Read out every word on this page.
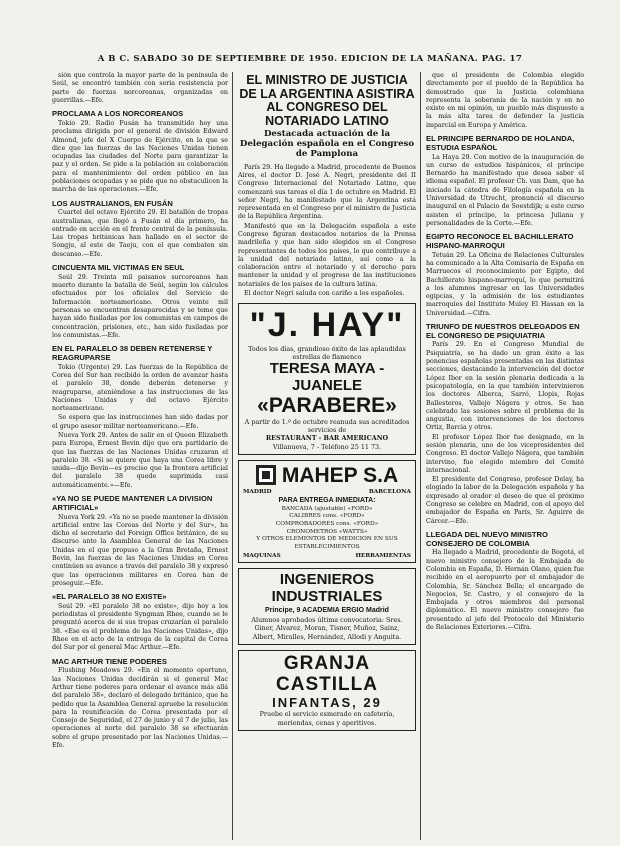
A B C. SABADO 30 DE SEPTIEMBRE DE 1950. EDICION DE LA MAÑANA. PAG. 17

sión que controla la mayor parte de la península de Seúl, se encontró también con seria resistencia por parte de fuerzas norcoreanas, organizadas en guerrillas.—Efe.

PROCLAMA A LOS NORCOREANOS

Tokio 29. Radio Fusán ha transmitido hoy una proclama dirigida por el general de división Edward Almond, jefe del X Cuerpo de Ejército, en la que se dice que las fuerzas de las Naciones Unidas tienen ocupadas las ciudades del Norte para garantizar la paz y el orden. Se pide a la población su colaboración para el mantenimiento del orden público en las poblaciones ocupadas y se pide que no obstaculicen la marcha de las operaciones.—Efe.

LOS AUSTRALIANOS, EN FUSÁN

Cuartel del octavo Ejército 29. El batallón de tropas australianas, que llegó a Fusán el día primero, ha entrado en acción en el frente central de la península. Las tropas británicas han hallado en el sector de Songju, al este de Taeju, con el que combaten sin descanso.—Efe.

CINCUENTA MIL VICTIMAS EN SEUL

Seúl 29. Treinta mil paisanos surcoreanos han muerto durante la batalla de Seúl, según los cálculos efectuados por los oficiales del Servicio de Información norteamericano. Otros veinte mil personas se encuentran desaparecidas y se teme que hayan sido fusiladas por los comunistas en campos de concentración, prisiones, etc., han sido fusiladas por los comunistas.—Efe.

EN EL PARALELO 38 DEBEN RETENERSE Y REAGRUPARSE

Tokio (Urgente) 29. Las fuerzas de la República de Corea del Sur han recibido la orden de avanzar hasta el paralelo 38, donde deberán detenerse y reagruparse, ateniéndose a las instrucciones de las Naciones Unidas y del octavo Ejército norteamericano.

Se espera que las instrucciones han sido dadas por el grupo asesor militar norteamericano.—Efe.

Nueva York 29. Antes de salir en el Queen Elizabeth para Europa, Ernest Bevin dijo que era partidario de que las fuerzas de las Naciones Unidas cruzaran el paralelo 38. «Si se quiere que haya una Corea libre y unida—dijo Bevin—es preciso que la frontera artificial del paralelo 38 quede suprimida casi automáticamente.»—Efe.

«YA NO SE PUEDE MANTENER LA DIVISION ARTIFICIAL»

Nueva York 29. «Ya no se puede mantener la división artificial entre las Coreas del Norte y del Sur», ha dicho el secretario del Foreign Office británico, de su discurso ante la Asamblea General de las Naciones Unidas en el que propuso a la Gran Bretaña, Ernest Bevin, las fuerzas de las Naciones Unidas en Corea continúen su avance a través del paralelo 38 y expresó que las operaciones militares en Corea han de proseguir.—Efe.

«EL PARALELO 38 NO EXISTE»

Seúl 29. «El paralelo 38 no existe», dijo hoy a los periodistas el presidente Syngman Rhee, cuando se le preguntó acerca de si sus tropas cruzarían el paralelo 38. «Ese es el problema de las Naciones Unidas», dijo Rhee en el acto de la entrega de la capital de Corea del Sur por el general Mac Arthur.—Efe.

MAC ARTHUR TIENE PODERES

Flushing Meadows 29. «En el momento oportuno, las Naciones Unidas decidirán si el general Mac Arthur tiene poderes para ordenar el avance más allá del paralelo 38», declaró el delegado británico, que ha pedido que la Asamblea General apruebe la resolución para la reunificación de Corea presentada por el Consejo de Seguridad, el 27 de junio y el 7 de julio, las operaciones al norte del paralelo 38 se efectuarán sobre el grupo presentado por las Naciones Unidas.—Efe.

EL MINISTRO DE JUSTICIA DE LA ARGENTINA ASISTIRA AL CONGRESO DEL NOTARIADO LATINO
Destacada actuación de la Delegación española en el Congreso de Pamplona

París 29. Ha llegado a Madrid, procedente de Buenos Aires, el doctor D. José A. Negri, presidente del II Congreso Internacional del Notariado Latino, que comenzará sus tareas el día 1 de octubre en Madrid. El señor Negri, ha manifestado que la Argentina está representada en el Congreso por el ministro de Justicia de la República Argentina.

Manifestó que en la Delegación española a este Congreso figuran destacados notarios de la Prensa madrileña y que han sido elegidos en el Congreso representantes de todos los países, lo que contribuye a la unidad del notariado latino, así como a la colaboración entre el notariado y el derecho para mantener la unidad y el progreso de las instituciones notariales de los países de la cultura latina.

El doctor Negri saluda con cariño a los españoles.

"J. HAY"
Todos los días, grandioso éxito de las aplaudidas estrellas de flamenco
TERESA MAYA - JUANELE
«PARABERE»
A partir de 1.º de octubre reanuda sus acreditados servicios de
RESTAURANT - BAR AMERICANO
Villanueva, 7 - Teléfono 25 11 73.
MAHEP S.A
MADRID	BARCELONA
PARA ENTREGA INMEDIATA:
BANCADA (ajustable) «FORD»
CALIBRES cons. «FORD»
COMPROBADORES cons. «FORD»
CRONOMETROS «WATTS»
Y OTROS ELEMENTOS DE MEDICION EN SUS ESTABLECIMIENTOS
MAQUINAS	HERRAMIENTAS
INGENIEROS INDUSTRIALES
Principe, 9 ACADEMIA ERGIO Madrid
Alumnos aprobados última convocatoria: Sres. Giner, Alvarez, Moran, Tisner, Muñoz, Sainz, Albert, Miralles, Hernández, Allodi y Anguita.
GRANJA CASTILLA
INFANTAS, 29
Pruebe el servicio esmerado en cafetería, meriendas, cenas y aperitivos.

que el presidente de Colombia elegido directamente por el pueblo de la República ha demostrado que la Justicia colombiana representa la soberanía de la nación y en no existe en mi opinión, un pueblo más dispuesto a la más alta tarea de defender la justicia imparcial en Europa y América.

EL PRINCIPE BERNARDO DE HOLANDA, ESTUDIA ESPAÑOL

La Haya 29. Con motivo de la inauguración de un curso de estudios hispánicos, el príncipe Bernardo ha manifestado que desea saber el idioma español. El profesor Ch. van Dam, que ha iniciado la cátedra de Filología española en la Universidad de Utrecht, pronunció el discurso inaugural en el Palacio de Soestdijk; a este curso asisten el príncipe, la princesa Juliana y personalidades de la Corte.—Efe.

EGIPTO RECONOCE EL BACHILLERATO HISPANO-MARROQUI

Tetuán 29. La Oficina de Relaciones Culturales ha comunicado a la Alta Comisaría de España en Marruecos el reconocimiento por Egipto, del Bachillerato hispano-marroquí, lo que permitirá a los alumnos ingresar en las Universidades egipcias, y la admisión de los estudiantes marroquíes del Instituto Muley El Hassan en la Universidad.—Cifra.

TRIUNFO DE NUESTROS DELEGADOS EN EL CONGRESO DE PSIQUIATRIA

París 29. En el Congreso Mundial de Psiquiatría, se ha dado un gran éxito a las ponencias españolas presentadas en las distintas secciones, destacando la intervención del doctor López Ibor en la sesión plenaria dedicada a la psicopatología, en la que también intervinieron los doctores Alberca, Sarró, Llopis, Rojas Ballesteros, Vallejo Nágera y otros. Se han celebrado las sesiones sobre el problema de la angustia, con intervenciones de los doctores Ortiz, Barcia y otros.

El profesor López Ibor fue designado, en la sesión plenaria, uno de los vicepresidentes del Congreso. El doctor Vallejo Nágera, que también intervino, fue elegido miembro del Comité internacional.

El presidente del Congreso, profesor Delay, ha elogiado la labor de la Delegación española y ha expresado al orador el deseo de que el próximo Congreso se celebre en Madrid, con el apoyo del embajador de España en París, Sr. Aguirre de Cárcer.—Efe.

LLEGADA DEL NUEVO MINISTRO CONSEJERO DE COLOMBIA

Ha llegado a Madrid, procedente de Bogotá, el nuevo ministro consejero de la Embajada de Colombia en España, D. Hernán Olano, quien fue recibido en el aeropuerto por el embajador de Colombia, Sr. Sánchez Bella; el encargado de Negocios, Sr. Castro, y el consejero de la Embajada y otros miembros del personal diplomático. El nuevo ministro consejero fue presentado al jefe del Protocolo del Ministerio de Relaciones Exteriores.—Cifra.
